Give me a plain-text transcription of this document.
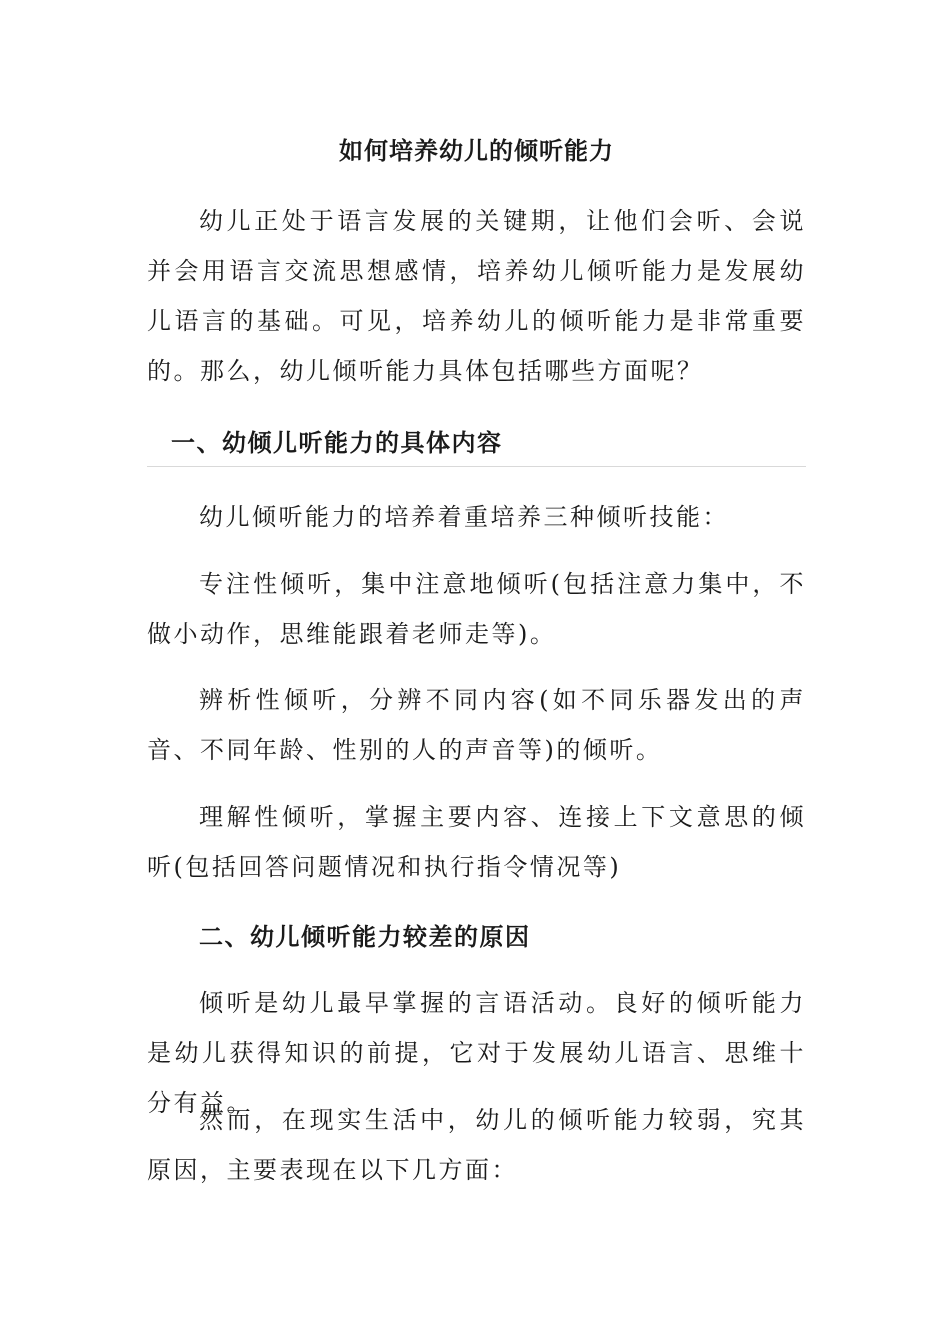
如何培养幼儿的倾听能力

幼儿正处于语言发展的关键期，让他们会听、会说并会用语言交流思想感情，培养幼儿倾听能力是发展幼儿语言的基础。可见，培养幼儿的倾听能力是非常重要的。那么，幼儿倾听能力具体包括哪些方面呢？

一、幼倾儿听能力的具体内容

幼儿倾听能力的培养着重培养三种倾听技能：

专注性倾听，集中注意地倾听(包括注意力集中，不做小动作，思维能跟着老师走等)。

辨析性倾听，分辨不同内容(如不同乐器发出的声音、不同年龄、性别的人的声音等)的倾听。

理解性倾听，掌握主要内容、连接上下文意思的倾听(包括回答问题情况和执行指令情况等)

二、幼儿倾听能力较差的原因

倾听是幼儿最早掌握的言语活动。良好的倾听能力是幼儿获得知识的前提，它对于发展幼儿语言、思维十分有益。

然而，在现实生活中，幼儿的倾听能力较弱，究其原因，主要表现在以下几方面：
